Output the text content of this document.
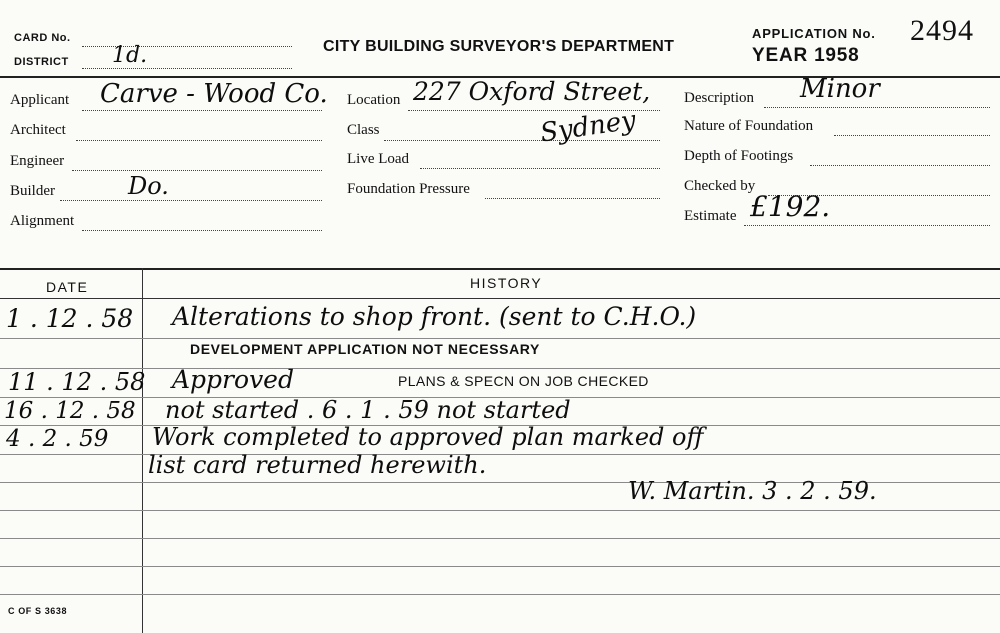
CARD No.
DISTRICT 1d.	CITY BUILDING SURVEYOR'S DEPARTMENT
APPLICATION No. 2494
YEAR 1958
Applicant Carve - Wood Co.
Architect
Engineer
Builder	Do.
Alignment
Location 227 Oxford Street,
Class	Sydney
Live Load
Foundation Pressure
Description Minor
Nature of Foundation
Depth of Footings
Checked by
Estimate £192.
DATE	HISTORY
1 . 12 . 58 Alterations to shop front. (sent to C.H.O.)
DEVELOPMENT APPLICATION NOT NECESSARY
11 . 12 . 58 Approved	PLANS & SPECN ON JOB CHECKED
16 . 12 . 58 not started . 6 . 1 . 59 not started
4 . 2 . 59 Work completed to approved plan marked off
list card returned herewith.
W. Martin. 3 . 2 . 59.
C OF S 3638
